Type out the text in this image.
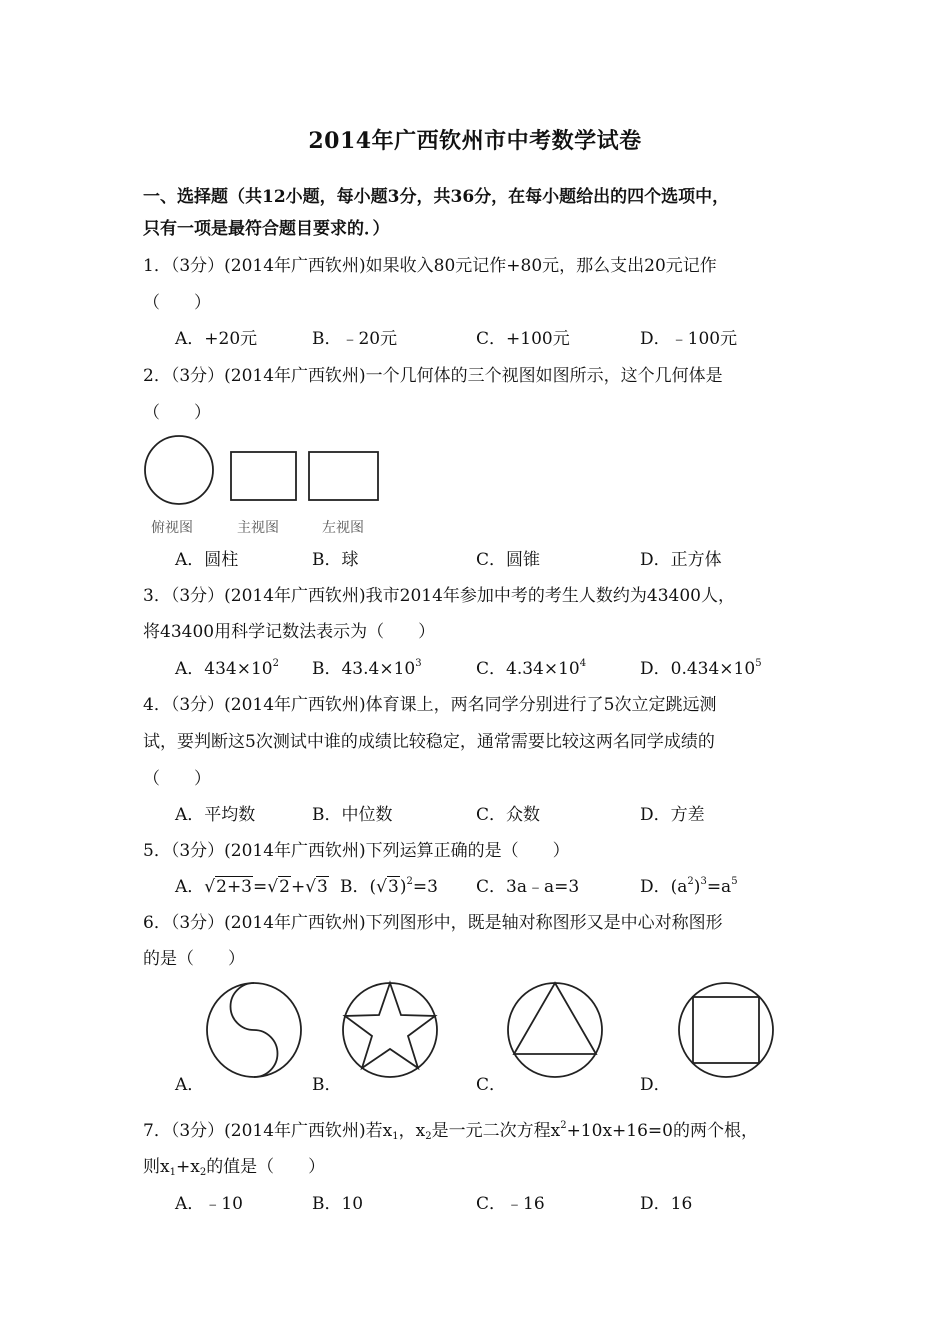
2014年广西钦州市中考数学试卷
一、选择题（共12小题，每小题3分，共36分，在每小题给出的四个选项中，
只有一项是最符合题目要求的．）
1．（3分）(2014年广西钦州)如果收入80元记作+80元，那么支出20元记作
（　　）
A．+20元	B．﹣20元	C．+100元	D．﹣100元
2．（3分）(2014年广西钦州)一个几何体的三个视图如图所示，这个几何体是
（　　）
俯视图	主视图	左视图
A．圆柱	B．球	C．圆锥	D．正方体
3．（3分）(2014年广西钦州)我市2014年参加中考的考生人数约为43400人，
将43400用科学记数法表示为（　　）
A．$434\times 10^2$ B．$43.4\times 10^3$	C．$4.34\times 10^4$	D．$0.434\times 10^5$
4．（3分）(2014年广西钦州)体育课上，两名同学分别进行了5次立定跳远测
试，要判断这5次测试中谁的成绩比较稳定，通常需要比较这两名同学成绩的
（　　）
A．平均数	B．中位数	C．众数	D．方差
5．（3分）(2014年广西钦州)下列运算正确的是（　　）
A．√2+3=√2+√3 B．$(√3)^2=3$ C．3a﹣a=3	D．$(a^2)^3=a^5$
6．（3分）(2014年广西钦州)下列图形中，既是轴对称图形又是中心对称图形
的是（　　）
A．	B．	C．	D．
7．（3分）(2014年广西钦州)若$x_1$，$x_2$是一元二次方程$x^2+10x+16=0$的两个根，
则$x_1+x_2$的值是（　　）
A．﹣10	B．10	C．﹣16	D．16
